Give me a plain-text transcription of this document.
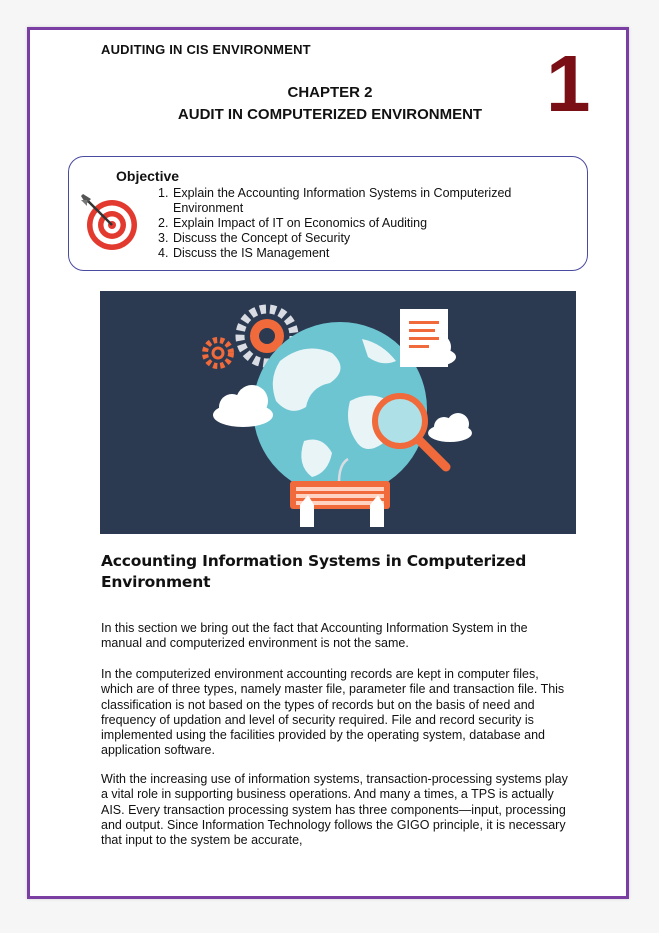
AUDITING IN CIS ENVIRONMENT	1
CHAPTER 2
AUDIT IN COMPUTERIZED ENVIRONMENT
Objective
1. Explain the Accounting Information Systems in Computerized Environment
2. Explain Impact of IT on Economics of Auditing
3. Discuss the Concept of Security
4. Discuss the IS Management
Accounting Information Systems in Computerized Environment

In this section we bring out the fact that Accounting Information System in the manual and computerized environment is not the same.

In the computerized environment accounting records are kept in computer files, which are of three types, namely master file, parameter file and transaction file. This classification is not based on the types of records but on the basis of need and frequency of updation and level of security required. File and record security is implemented using the facilities provided by the operating system, database and application software.

With the increasing use of information systems, transaction-processing systems play a vital role in supporting business operations. And many a times, a TPS is actually AIS. Every transaction processing system has three components—input, processing and output. Since Information Technology follows the GIGO principle, it is necessary that input to the system be accurate,
